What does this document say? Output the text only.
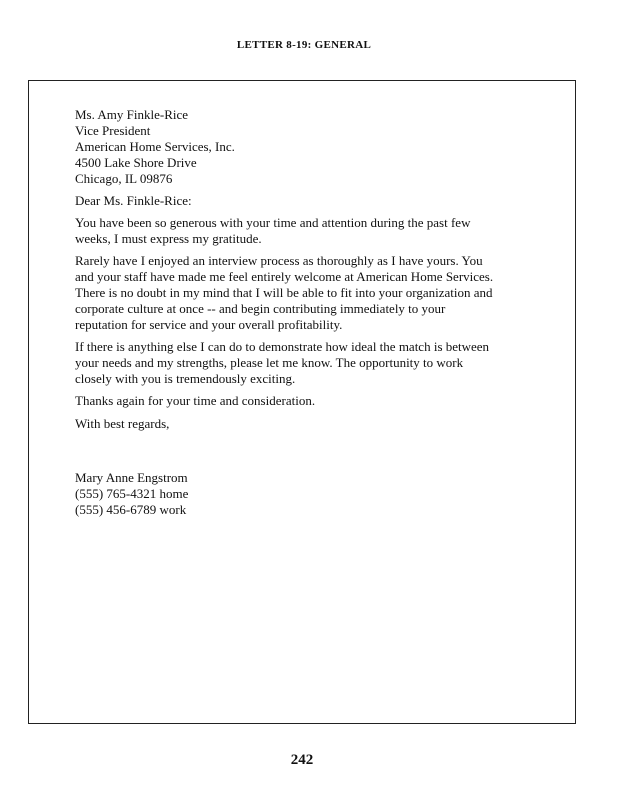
LETTER 8-19: GENERAL
Ms. Amy Finkle-Rice
Vice President
American Home Services, Inc.
4500 Lake Shore Drive
Chicago, IL 09876

Dear Ms. Finkle-Rice:

You have been so generous with your time and attention during the past few weeks, I must express my gratitude.

Rarely have I enjoyed an interview process as thoroughly as I have yours. You and your staff have made me feel entirely welcome at American Home Services. There is no doubt in my mind that I will be able to fit into your organization and corporate culture at once -- and begin contributing immediately to your reputation for service and your overall profitability.

If there is anything else I can do to demonstrate how ideal the match is between your needs and my strengths, please let me know. The opportunity to work closely with you is tremendously exciting.

Thanks again for your time and consideration.

With best regards,

Mary Anne Engstrom
(555) 765-4321 home
(555) 456-6789 work
242
